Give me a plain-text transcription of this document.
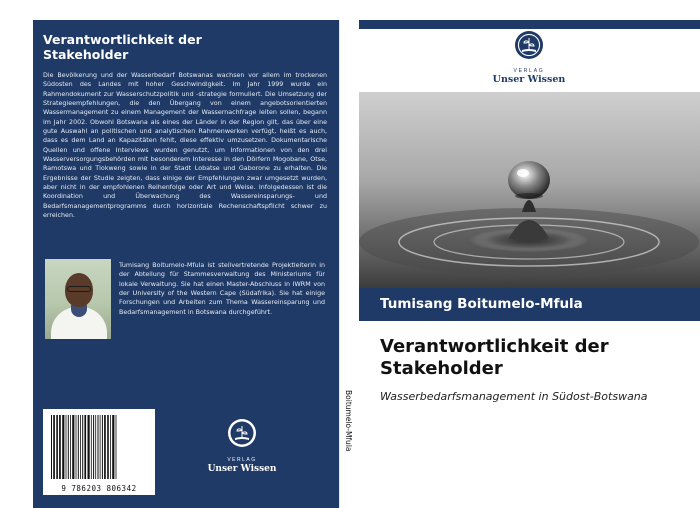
Verantwortlichkeit der
Stakeholder

Die Bevölkerung und der Wasserbedarf Botswanas wachsen vor allem im trockenen Südosten des Landes mit hoher Geschwindigkeit. Im Jahr 1999 wurde ein Rahmendokument zur Wasserschutzpolitik und -strategie formuliert. Die Umsetzung der Strategieempfehlungen, die den Übergang von einem angebotsorientierten Wassermanagement zu einem Management der Wassernachfrage leiten sollen, begann im Jahr 2002. Obwohl Botswana als eines der Länder in der Region gilt, das über eine gute Auswahl an politischen und analytischen Rahmenwerken verfügt, heißt es auch, dass es dem Land an Kapazitäten fehlt, diese effektiv umzusetzen. Dokumentarische Quellen und offene Interviews wurden genutzt, um Informationen von den drei Wasserversorgungsbehörden mit besonderem Interesse in den Dörfern Mogobane, Otse, Ramotswa und Tlokweng sowie in der Stadt Lobatse und Gaborone zu erhalten. Die Ergebnisse der Studie zeigten, dass einige der Empfehlungen zwar umgesetzt wurden, aber nicht in der empfohlenen Reihenfolge oder Art und Weise. Infolgedessen ist die Koordination und Überwachung des Wassereinsparungs- und Bedarfsmanagementprogramms durch horizontale Rechenschaftspflicht schwer zu erreichen.

Tumisang Boitumelo-Mfula ist stellvertretende Projektleiterin in der Abteilung für Stammesverwaltung des Ministeriums für lokale Verwaltung. Sie hat einen Master-Abschluss in IWRM von der University of the Western Cape (Südafrika). Sie hat einige Forschungen und Arbeiten zum Thema Wassereinsparung und Bedarfsmanagement in Botswana durchgeführt.

9 786203 806342
VERLAG
Unser Wissen
Boitumelo-Mfula
VERLAG
Unser Wissen
Tumisang Boitumelo-Mfula
Verantwortlichkeit der
Stakeholder
Wasserbedarfsmanagement in Südost-Botswana
